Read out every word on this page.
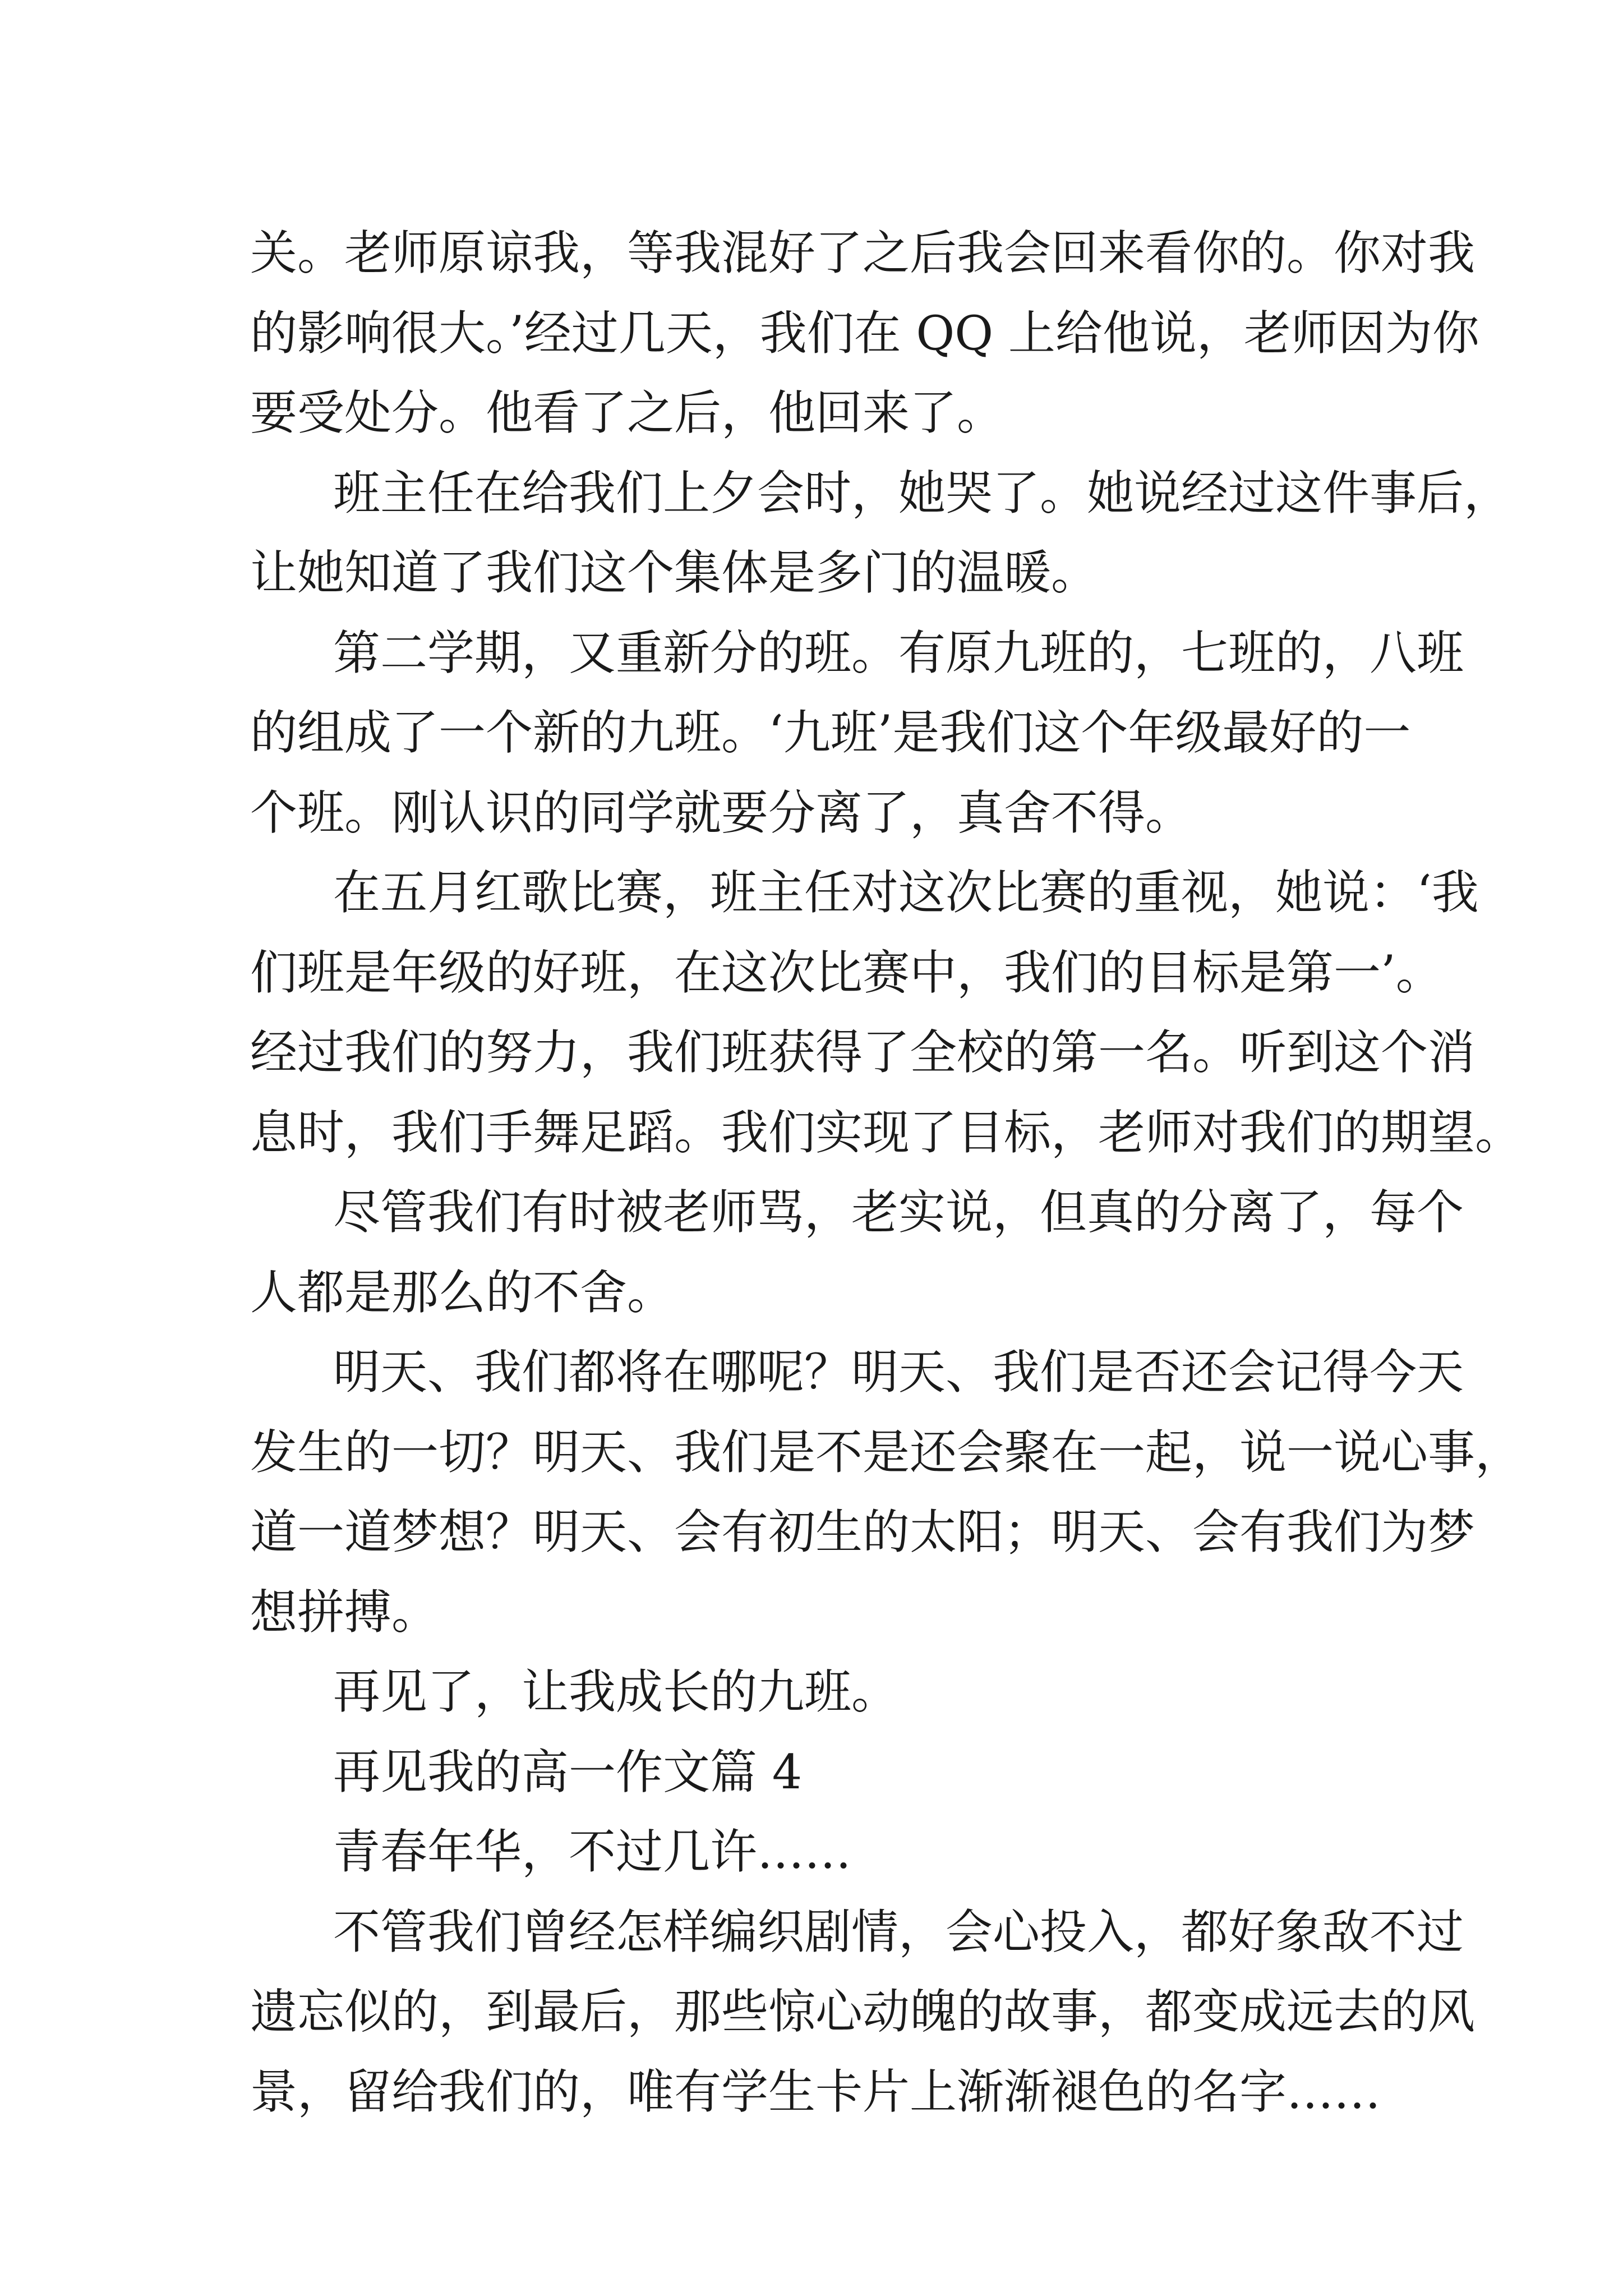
关。老师原谅我，等我混好了之后我会回来看你的。你对我
的影响很大。’经过几天，我们在 QQ 上给他说，老师因为你
要受处分。他看了之后，他回来了。
班主任在给我们上夕会时，她哭了。她说经过这件事后，
让她知道了我们这个集体是多门的温暖。
第二学期，又重新分的班。有原九班的，七班的，八班
的组成了一个新的九班。‘九班’是我们这个年级最好的一
个班。刚认识的同学就要分离了，真舍不得。
在五月红歌比赛，班主任对这次比赛的重视，她说：‘我
们班是年级的好班，在这次比赛中，我们的目标是第一’。
经过我们的努力，我们班获得了全校的第一名。听到这个消
息时，我们手舞足蹈。我们实现了目标，老师对我们的期望。
尽管我们有时被老师骂，老实说，但真的分离了，每个
人都是那么的不舍。
明天、我们都将在哪呢？明天、我们是否还会记得今天
发生的一切？明天、我们是不是还会聚在一起，说一说心事，
道一道梦想？明天、会有初生的太阳；明天、会有我们为梦
想拼搏。
再见了，让我成长的九班。
再见我的高一作文篇 4
青春年华，不过几许……
不管我们曾经怎样编织剧情，会心投入，都好象敌不过
遗忘似的，到最后，那些惊心动魄的故事，都变成远去的风
景，留给我们的，唯有学生卡片上渐渐褪色的名字……
